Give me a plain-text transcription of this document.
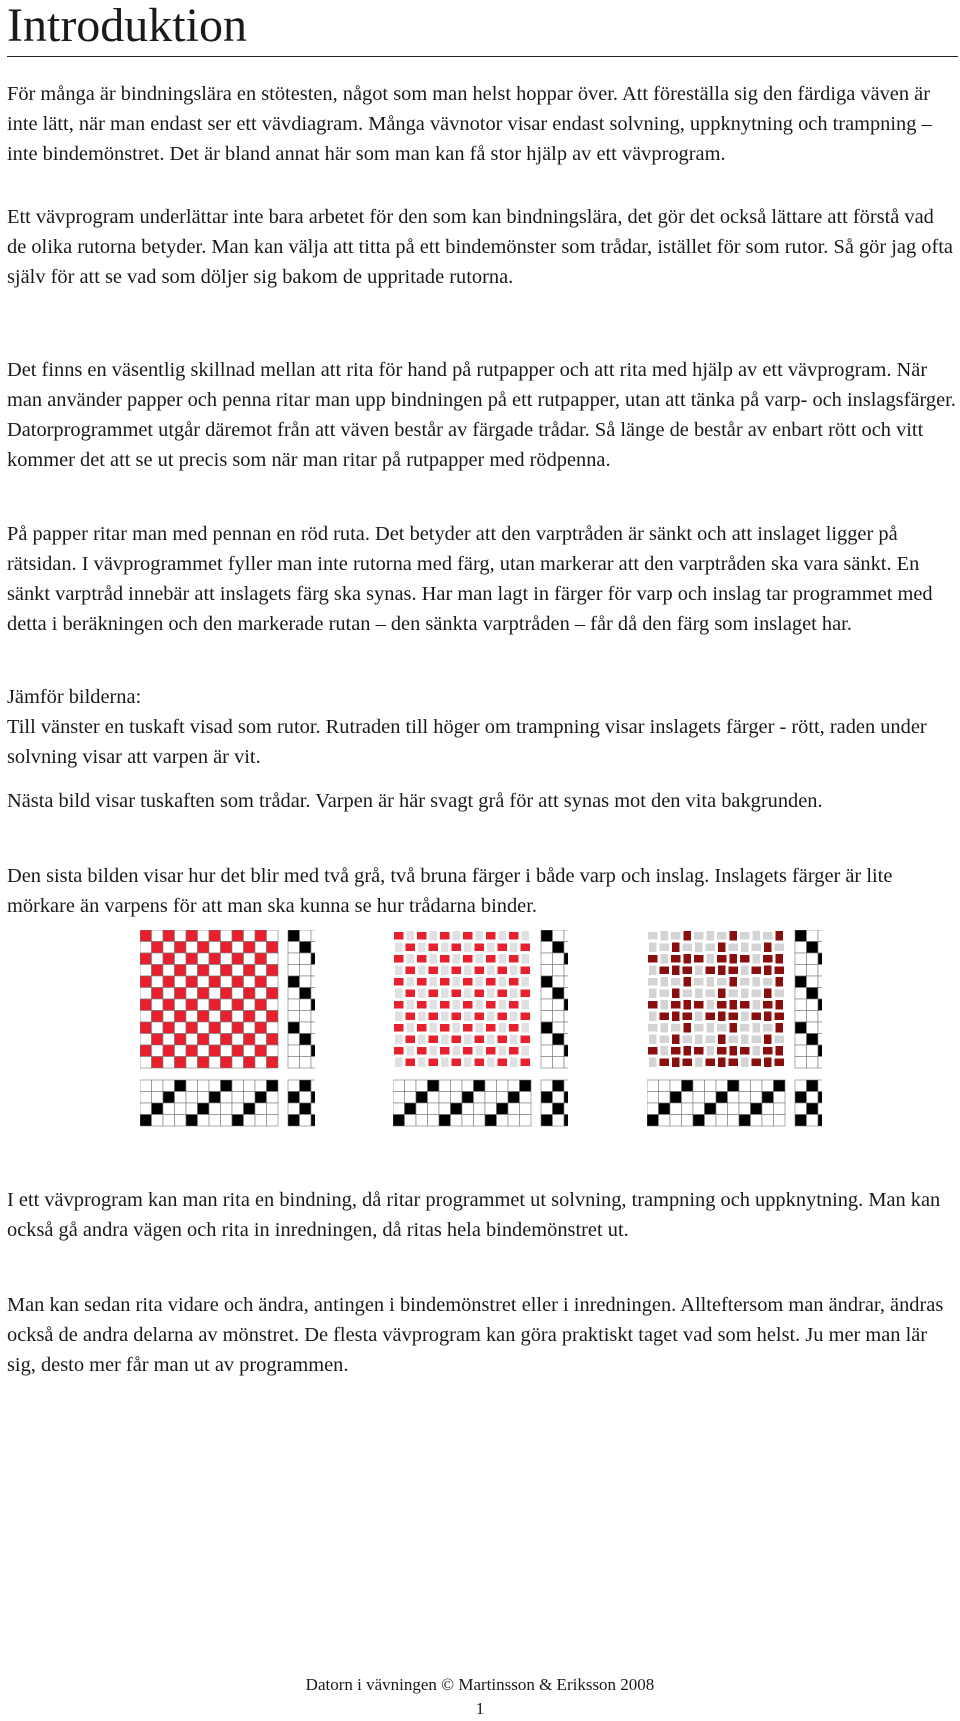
Introduktion

För många är bindningslära en stötesten, något som man helst hoppar över. Att föreställa sig den färdiga väven är inte lätt, när man endast ser ett vävdiagram. Många vävnotor visar endast solvning, uppknytning och trampning – inte bindemönstret. Det är bland annat här som man kan få stor hjälp av ett vävprogram.

Ett vävprogram underlättar inte bara arbetet för den som kan bindningslära, det gör det också lättare att förstå vad de olika rutorna betyder. Man kan välja att titta på ett bindemönster som trådar, istället för som rutor. Så gör jag ofta själv för att se vad som döljer sig bakom de uppritade rutorna.

Det finns en väsentlig skillnad mellan att rita för hand på rutpapper och att rita med hjälp av ett vävprogram. När man använder papper och penna ritar man upp bindningen på ett rutpapper, utan att tänka på varp- och inslagsfärger. Datorprogrammet utgår däremot från att väven består av färgade trådar. Så länge de består av enbart rött och vitt kommer det att se ut precis som när man ritar på rutpapper med rödpenna.

På papper ritar man med pennan en röd ruta. Det betyder att den varptråden är sänkt och att inslaget ligger på rätsidan. I vävprogrammet fyller man inte rutorna med färg, utan markerar att den varptråden ska vara sänkt. En sänkt varptråd innebär att inslagets färg ska synas. Har man lagt in färger för varp och inslag tar programmet med detta i beräkningen och den markerade rutan – den sänkta varptråden – får då den färg som inslaget har.

Jämför bilderna:

Till vänster en tuskaft visad som rutor. Rutraden till höger om trampning visar inslagets färger - rött, raden under solvning visar att varpen är vit.

Nästa bild visar tuskaften som trådar. Varpen är här svagt grå för att synas mot den vita bakgrunden.

Den sista bilden visar hur det blir med två grå, två bruna färger i både varp och inslag. Inslagets färger är lite mörkare än varpens för att man ska kunna se hur trådarna binder.

I ett vävprogram kan man rita en bindning, då ritar programmet ut solvning, trampning och uppknytning. Man kan också gå andra vägen och rita in inredningen, då ritas hela bindemönstret ut.

Man kan sedan rita vidare och ändra, antingen i bindemönstret eller i inredningen. Allteftersom man ändrar, ändras också de andra delarna av mönstret. De flesta vävprogram kan göra praktiskt taget vad som helst. Ju mer man lär sig, desto mer får man ut av programmen.

Datorn i vävningen © Martinsson & Eriksson 2008
1
